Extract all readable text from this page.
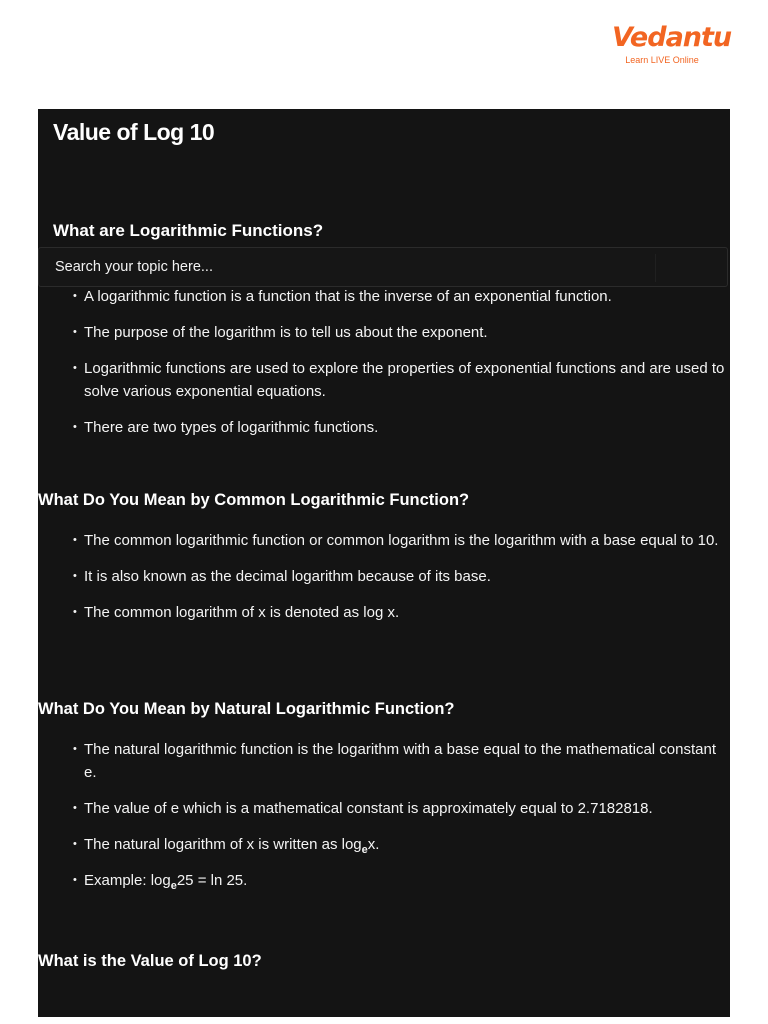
Vedantu
Learn LIVE Online
Value of Log 10
What are Logarithmic Functions?
Search your topic here...
• A logarithmic function is a function that is the inverse of an exponential function.
• The purpose of the logarithm is to tell us about the exponent.
• Logarithmic functions are used to explore the properties of exponential functions and are used to solve various exponential equations.
• There are two types of logarithmic functions.
What Do You Mean by Common Logarithmic Function?
• The common logarithmic function or common logarithm is the logarithm with a base equal to 10.
• It is also known as the decimal logarithm because of its base.
• The common logarithm of x is denoted as log x.
What Do You Mean by Natural Logarithmic Function?
• The natural logarithmic function is the logarithm with a base equal to the mathematical constant e.
• The value of e which is a mathematical constant is approximately equal to 2.7182818.
• The natural logarithm of x is written as $\log_ex$.
• Example: $\log_e25 = \ln 25$.
What is the Value of Log 10?
